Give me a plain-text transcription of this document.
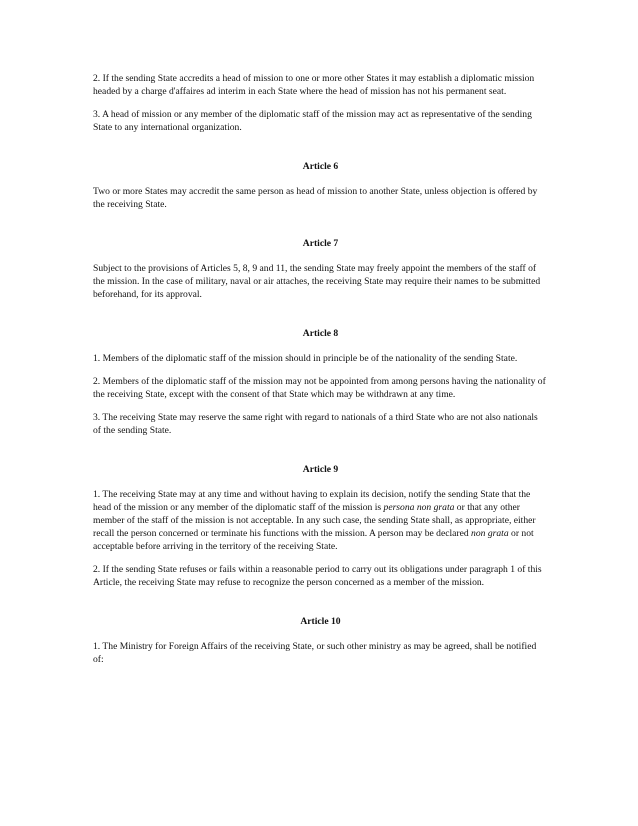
2. If the sending State accredits a head of mission to one or more other States it may establish a diplomatic mission headed by a charge d'affaires ad interim in each State where the head of mission has not his permanent seat.

3. A head of mission or any member of the diplomatic staff of the mission may act as representative of the sending State to any international organization.

Article 6

Two or more States may accredit the same person as head of mission to another State, unless objection is offered by the receiving State.

Article 7

Subject to the provisions of Articles 5, 8, 9 and 11, the sending State may freely appoint the members of the staff of the mission. In the case of military, naval or air attaches, the receiving State may require their names to be submitted beforehand, for its approval.

Article 8

1. Members of the diplomatic staff of the mission should in principle be of the nationality of the sending State.

2. Members of the diplomatic staff of the mission may not be appointed from among persons having the nationality of the receiving State, except with the consent of that State which may be withdrawn at any time.

3. The receiving State may reserve the same right with regard to nationals of a third State who are not also nationals of the sending State.

Article 9

1. The receiving State may at any time and without having to explain its decision, notify the sending State that the head of the mission or any member of the diplomatic staff of the mission is persona non grata or that any other member of the staff of the mission is not acceptable. In any such case, the sending State shall, as appropriate, either recall the person concerned or terminate his functions with the mission. A person may be declared non grata or not acceptable before arriving in the territory of the receiving State.

2. If the sending State refuses or fails within a reasonable period to carry out its obligations under paragraph 1 of this Article, the receiving State may refuse to recognize the person concerned as a member of the mission.

Article 10

1. The Ministry for Foreign Affairs of the receiving State, or such other ministry as may be agreed, shall be notified of:
